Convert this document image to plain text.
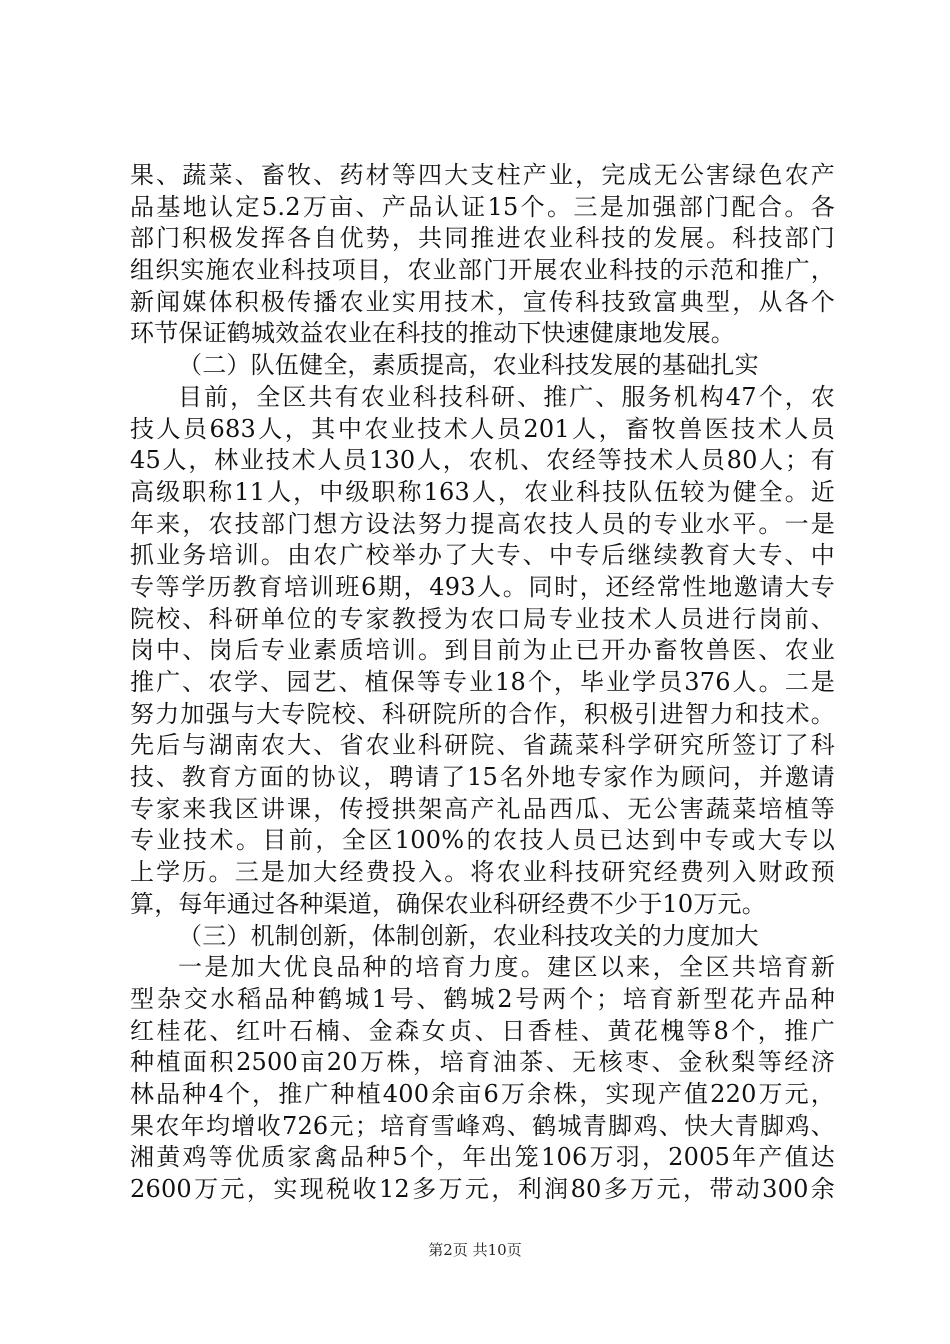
果、蔬菜、畜牧、药材等四大支柱产业，完成无公害绿色农产
品基地认定5.2万亩、产品认证15个。三是加强部门配合。各
部门积极发挥各自优势，共同推进农业科技的发展。科技部门
组织实施农业科技项目，农业部门开展农业科技的示范和推广，
新闻媒体积极传播农业实用技术，宣传科技致富典型，从各个
环节保证鹤城效益农业在科技的推动下快速健康地发展。
（二）队伍健全，素质提高，农业科技发展的基础扎实
目前，全区共有农业科技科研、推广、服务机构47个，农
技人员683人，其中农业技术人员201人，畜牧兽医技术人员
45人，林业技术人员130人，农机、农经等技术人员80人；有
高级职称11人，中级职称163人，农业科技队伍较为健全。近
年来，农技部门想方设法努力提高农技人员的专业水平。一是
抓业务培训。由农广校举办了大专、中专后继续教育大专、中
专等学历教育培训班6期，493人。同时，还经常性地邀请大专
院校、科研单位的专家教授为农口局专业技术人员进行岗前、
岗中、岗后专业素质培训。到目前为止已开办畜牧兽医、农业
推广、农学、园艺、植保等专业18个，毕业学员376人。二是
努力加强与大专院校、科研院所的合作，积极引进智力和技术。
先后与湖南农大、省农业科研院、省蔬菜科学研究所签订了科
技、教育方面的协议，聘请了15名外地专家作为顾问，并邀请
专家来我区讲课，传授拱架高产礼品西瓜、无公害蔬菜培植等
专业技术。目前，全区100%的农技人员已达到中专或大专以
上学历。三是加大经费投入。将农业科技研究经费列入财政预
算，每年通过各种渠道，确保农业科研经费不少于10万元。
（三）机制创新，体制创新，农业科技攻关的力度加大
一是加大优良品种的培育力度。建区以来，全区共培育新
型杂交水稻品种鹤城1号、鹤城2号两个；培育新型花卉品种
红桂花、红叶石楠、金森女贞、日香桂、黄花槐等8个，推广
种植面积2500亩20万株，培育油茶、无核枣、金秋梨等经济
林品种4个，推广种植400余亩6万余株，实现产值220万元，
果农年均增收726元；培育雪峰鸡、鹤城青脚鸡、快大青脚鸡、
湘黄鸡等优质家禽品种5个，年出笼106万羽，2005年产值达
2600万元，实现税收12多万元，利润80多万元，带动300余
第2页 共10页
